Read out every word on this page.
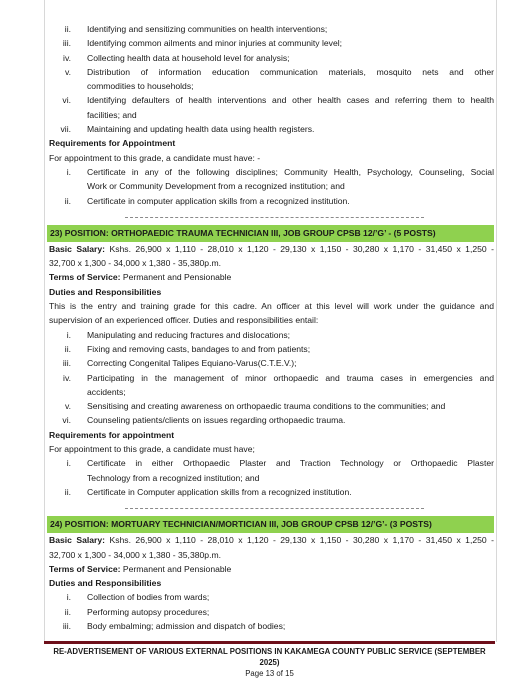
ii. Identifying and sensitizing communities on health interventions;
iii. Identifying common ailments and minor injuries at community level;
iv. Collecting health data at household level for analysis;
v. Distribution of information education communication materials, mosquito nets and other
commodities to households;
vi. Identifying defaulters of health interventions and other health cases and referring them to health
facilities; and
vii. Maintaining and updating health data using health registers.
Requirements for Appointment
For appointment to this grade, a candidate must have: -
i. Certificate in any of the following disciplines; Community Health, Psychology, Counseling, Social
Work or Community Development from a recognized institution; and
ii. Certificate in computer application skills from a recognized institution.
23) POSITION: ORTHOPAEDIC TRAUMA TECHNICIAN III, JOB GROUP CPSB 12/’G’ - (5 POSTS)
Basic Salary: Kshs. 26,900 x 1,110 - 28,010 x 1,120 - 29,130 x 1,150 - 30,280 x 1,170 - 31,450 x 1,250 -
32,700 x 1,300 - 34,000 x 1,380 - 35,380p.m.
Terms of Service: Permanent and Pensionable
Duties and Responsibilities
This is the entry and training grade for this cadre. An officer at this level will work under the guidance and
supervision of an experienced officer. Duties and responsibilities entail:
i. Manipulating and reducing fractures and dislocations;
ii. Fixing and removing casts, bandages to and from patients;
iii. Correcting Congenital Talipes Equiano-Varus(C.T.E.V.);
iv. Participating in the management of minor orthopaedic and trauma cases in emergencies and
accidents;
v. Sensitising and creating awareness on orthopaedic trauma conditions to the communities; and
vi. Counseling patients/clients on issues regarding orthopaedic trauma.
Requirements for appointment
For appointment to this grade, a candidate must have;
i. Certificate in either Orthopaedic Plaster and Traction Technology or Orthopaedic Plaster
Technology from a recognized institution; and
ii. Certificate in Computer application skills from a recognized institution.
24) POSITION: MORTUARY TECHNICIAN/MORTICIAN III, JOB GROUP CPSB 12/’G’- (3 POSTS)
Basic Salary: Kshs. 26,900 x 1,110 - 28,010 x 1,120 - 29,130 x 1,150 - 30,280 x 1,170 - 31,450 x 1,250 -
32,700 x 1,300 - 34,000 x 1,380 - 35,380p.m.
Terms of Service: Permanent and Pensionable
Duties and Responsibilities
i. Collection of bodies from wards;
ii. Performing autopsy procedures;
iii. Body embalming; admission and dispatch of bodies;
RE-ADVERTISEMENT OF VARIOUS EXTERNAL POSITIONS IN KAKAMEGA COUNTY PUBLIC SERVICE (SEPTEMBER 2025)
Page 13 of 15
